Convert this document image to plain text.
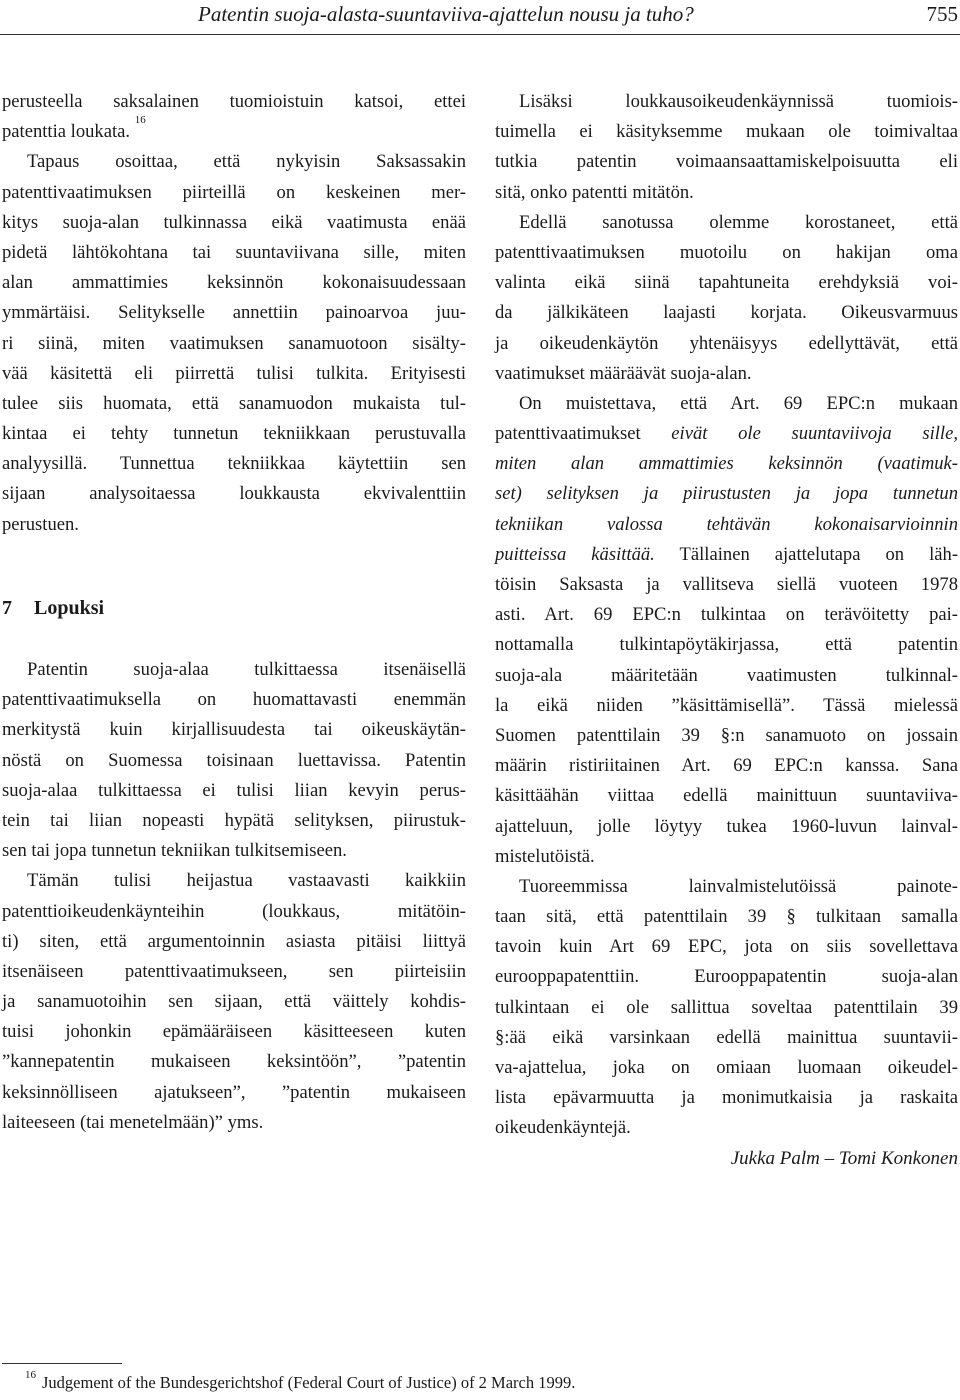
Patentin suoja-alasta-suuntaviiva-ajattelun nousu ja tuho?	755
perusteella saksalainen tuomioistuin katsoi, ettei
patenttia loukata. $^{16}$
Tapaus osoittaa, että nykyisin Saksassakin
patenttivaatimuksen piirteillä on keskeinen mer-
kitys suoja-alan tulkinnassa eikä vaatimusta enää
pidetä lähtökohtana tai suuntaviivana sille, miten
alan ammattimies keksinnön kokonaisuudessaan
ymmärtäisi. Selitykselle annettiin painoarvoa juu-
ri siinä, miten vaatimuksen sanamuotoon sisälty-
vää käsitettä eli piirrettä tulisi tulkita. Erityisesti
tulee siis huomata, että sanamuodon mukaista tul-
kintaa ei tehty tunnetun tekniikkaan perustuvalla
analyysillä. Tunnettua tekniikkaa käytettiin sen
sijaan analysoitaessa loukkausta ekvivalenttiin
perustuen.
7 Lopuksi
Patentin suoja-alaa tulkittaessa itsenäisellä
patenttivaatimuksella on huomattavasti enemmän
merkitystä kuin kirjallisuudesta tai oikeuskäytän-
nöstä on Suomessa toisinaan luettavissa. Patentin
suoja-alaa tulkittaessa ei tulisi liian kevyin perus-
tein tai liian nopeasti hypätä selityksen, piirustuk-
sen tai jopa tunnetun tekniikan tulkitsemiseen.
Tämän tulisi heijastua vastaavasti kaikkiin
patenttioikeudenkäynteihin (loukkaus, mitätöin-
ti) siten, että argumentoinnin asiasta pitäisi liittyä
itsenäiseen patenttivaatimukseen, sen piirteisiin
ja sanamuotoihin sen sijaan, että väittely kohdis-
tuisi johonkin epämääräiseen käsitteeseen kuten
”kannepatentin mukaiseen keksintöön”, ”patentin
keksinnölliseen ajatukseen”, ”patentin mukaiseen
laiteeseen (tai menetelmään)” yms.
Lisäksi loukkausoikeudenkäynnissä tuomiois-
tuimella ei käsityksemme mukaan ole toimivaltaa
tutkia patentin voimaansaattamiskelpoisuutta eli
sitä, onko patentti mitätön.
Edellä sanotussa olemme korostaneet, että
patenttivaatimuksen muotoilu on hakijan oma
valinta eikä siinä tapahtuneita erehdyksiä voi-
da jälkikäteen laajasti korjata. Oikeusvarmuus
ja oikeudenkäytön yhtenäisyys edellyttävät, että
vaatimukset määräävät suoja-alan.
On muistettava, että Art. 69 EPC:n mukaan
patenttivaatimukset eivät ole suuntaviivoja sille,
miten alan ammattimies keksinnön (vaatimuk-
set) selityksen ja piirustusten ja jopa tunnetun
tekniikan valossa tehtävän kokonaisarvioinnin
puitteissa käsittää. Tällainen ajattelutapa on läh-
töisin Saksasta ja vallitseva siellä vuoteen 1978
asti. Art. 69 EPC:n tulkintaa on terävöitetty pai-
nottamalla tulkintapöytäkirjassa, että patentin
suoja-ala määritetään vaatimusten tulkinnal-
la eikä niiden ”käsittämisellä”. Tässä mielessä
Suomen patenttilain 39 §:n sanamuoto on jossain
määrin ristiriitainen Art. 69 EPC:n kanssa. Sana
käsittäähän viittaa edellä mainittuun suuntaviiva-
ajatteluun, jolle löytyy tukea 1960-luvun lainval-
mistelutöistä.
Tuoreemmissa lainvalmistelutöissä painote-
taan sitä, että patenttilain 39 § tulkitaan samalla
tavoin kuin Art 69 EPC, jota on siis sovellettava
eurooppapatenttiin. Eurooppapatentin suoja-alan
tulkintaan ei ole sallittua soveltaa patenttilain 39
§:ää eikä varsinkaan edellä mainittua suuntavii-
va-ajattelua, joka on omiaan luomaan oikeudel-
lista epävarmuutta ja monimutkaisia ja raskaita
oikeudenkäyntejä.
Jukka Palm – Tomi Konkonen
$^{16}$ Judgement of the Bundesgerichtshof (Federal Court of Justice) of 2 March 1999.
